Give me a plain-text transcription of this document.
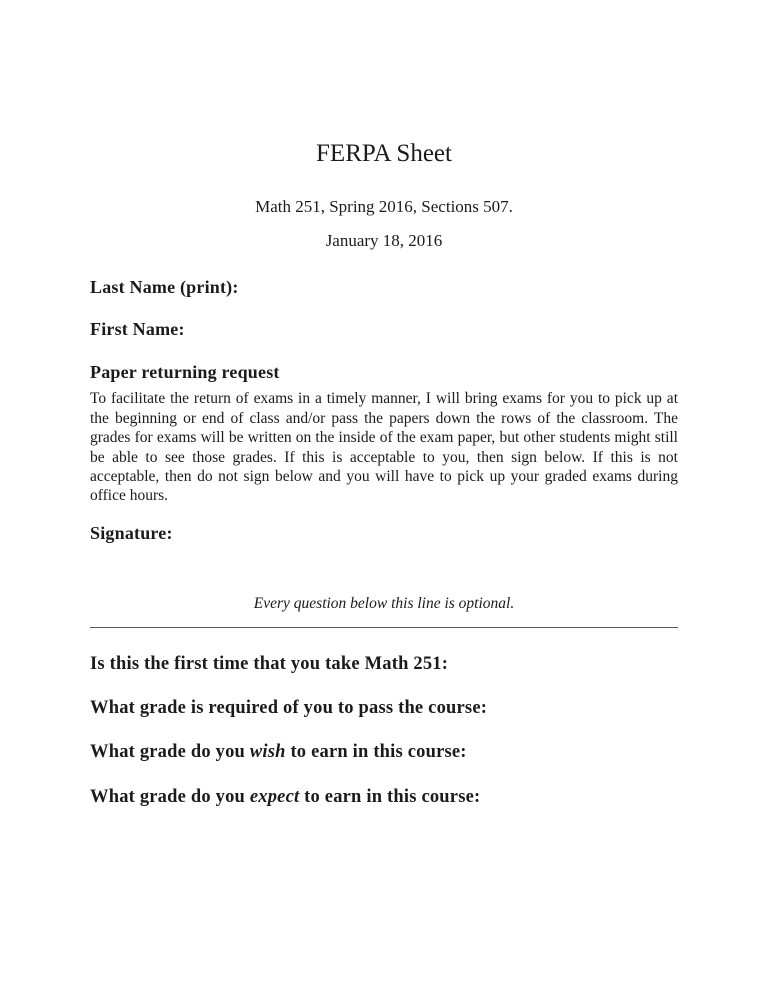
FERPA Sheet
Math 251, Spring 2016, Sections 507.
January 18, 2016
Last Name (print):
First Name:
Paper returning request

To facilitate the return of exams in a timely manner, I will bring exams for you to pick up at the beginning or end of class and/or pass the papers down the rows of the classroom. The grades for exams will be written on the inside of the exam paper, but other students might still be able to see those grades. If this is acceptable to you, then sign below. If this is not acceptable, then do not sign below and you will have to pick up your graded exams during office hours.

Signature:
Every question below this line is optional.
Is this the first time that you take Math 251:
What grade is required of you to pass the course:
What grade do you wish to earn in this course:
What grade do you expect to earn in this course:
